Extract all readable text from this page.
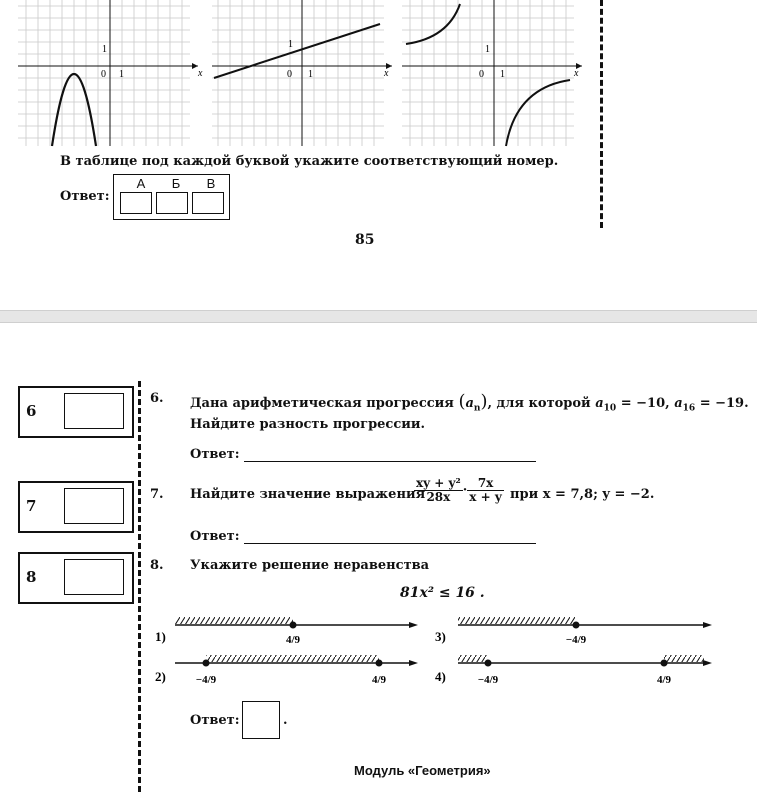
0 1
1
x	0 1
1
x	0 1
1
x
В таблице под каждой буквой укажите соответствующий номер.
Ответ:
А	Б	В
85
6
7
8
6. Дана арифметическая прогрессия $(a_n)$, для которой $a_{10} = -10$, $a_{16} = -19$.
Найдите разность прогрессии.
Ответ:
7. Найдите значение выражения
$\frac{\text{xy + y²}}{28x} \cdot \frac{7x}{x + y}$ при x = 7,8; y = −2.
Ответ:
8. Укажите решение неравенства
81x² ≤ 16 .
1)	4/9	3)	−4/9
2)	−4/9	4/9	4)	−4/9	4/9
Ответ:	.
Модуль «Геометрия»
